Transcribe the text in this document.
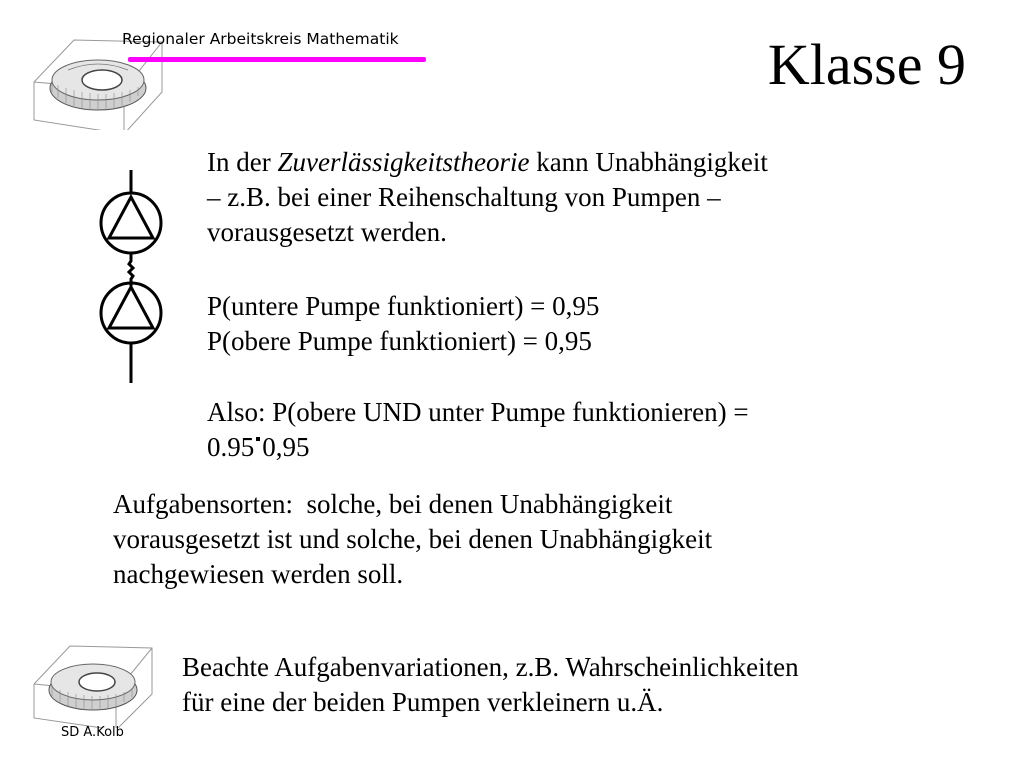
Regionaler Arbeitskreis Mathematik	Klasse 9
In der Zuverlässigkeitstheorie kann Unabhängigkeit
– z.B. bei einer Reihenschaltung von Pumpen –
vorausgesetzt werden.
P(untere Pumpe funktioniert) = 0,95
P(obere Pumpe funktioniert) = 0,95
Also: P(obere UND unter Pumpe funktionieren) =
0.95 0,95
Aufgabensorten:  solche, bei denen Unabhängigkeit
vorausgesetzt ist und solche, bei denen Unabhängigkeit
nachgewiesen werden soll.
Beachte Aufgabenvariationen, z.B. Wahrscheinlichkeiten
für eine der beiden Pumpen verkleinern u.Ä.
SD A.Kolb
